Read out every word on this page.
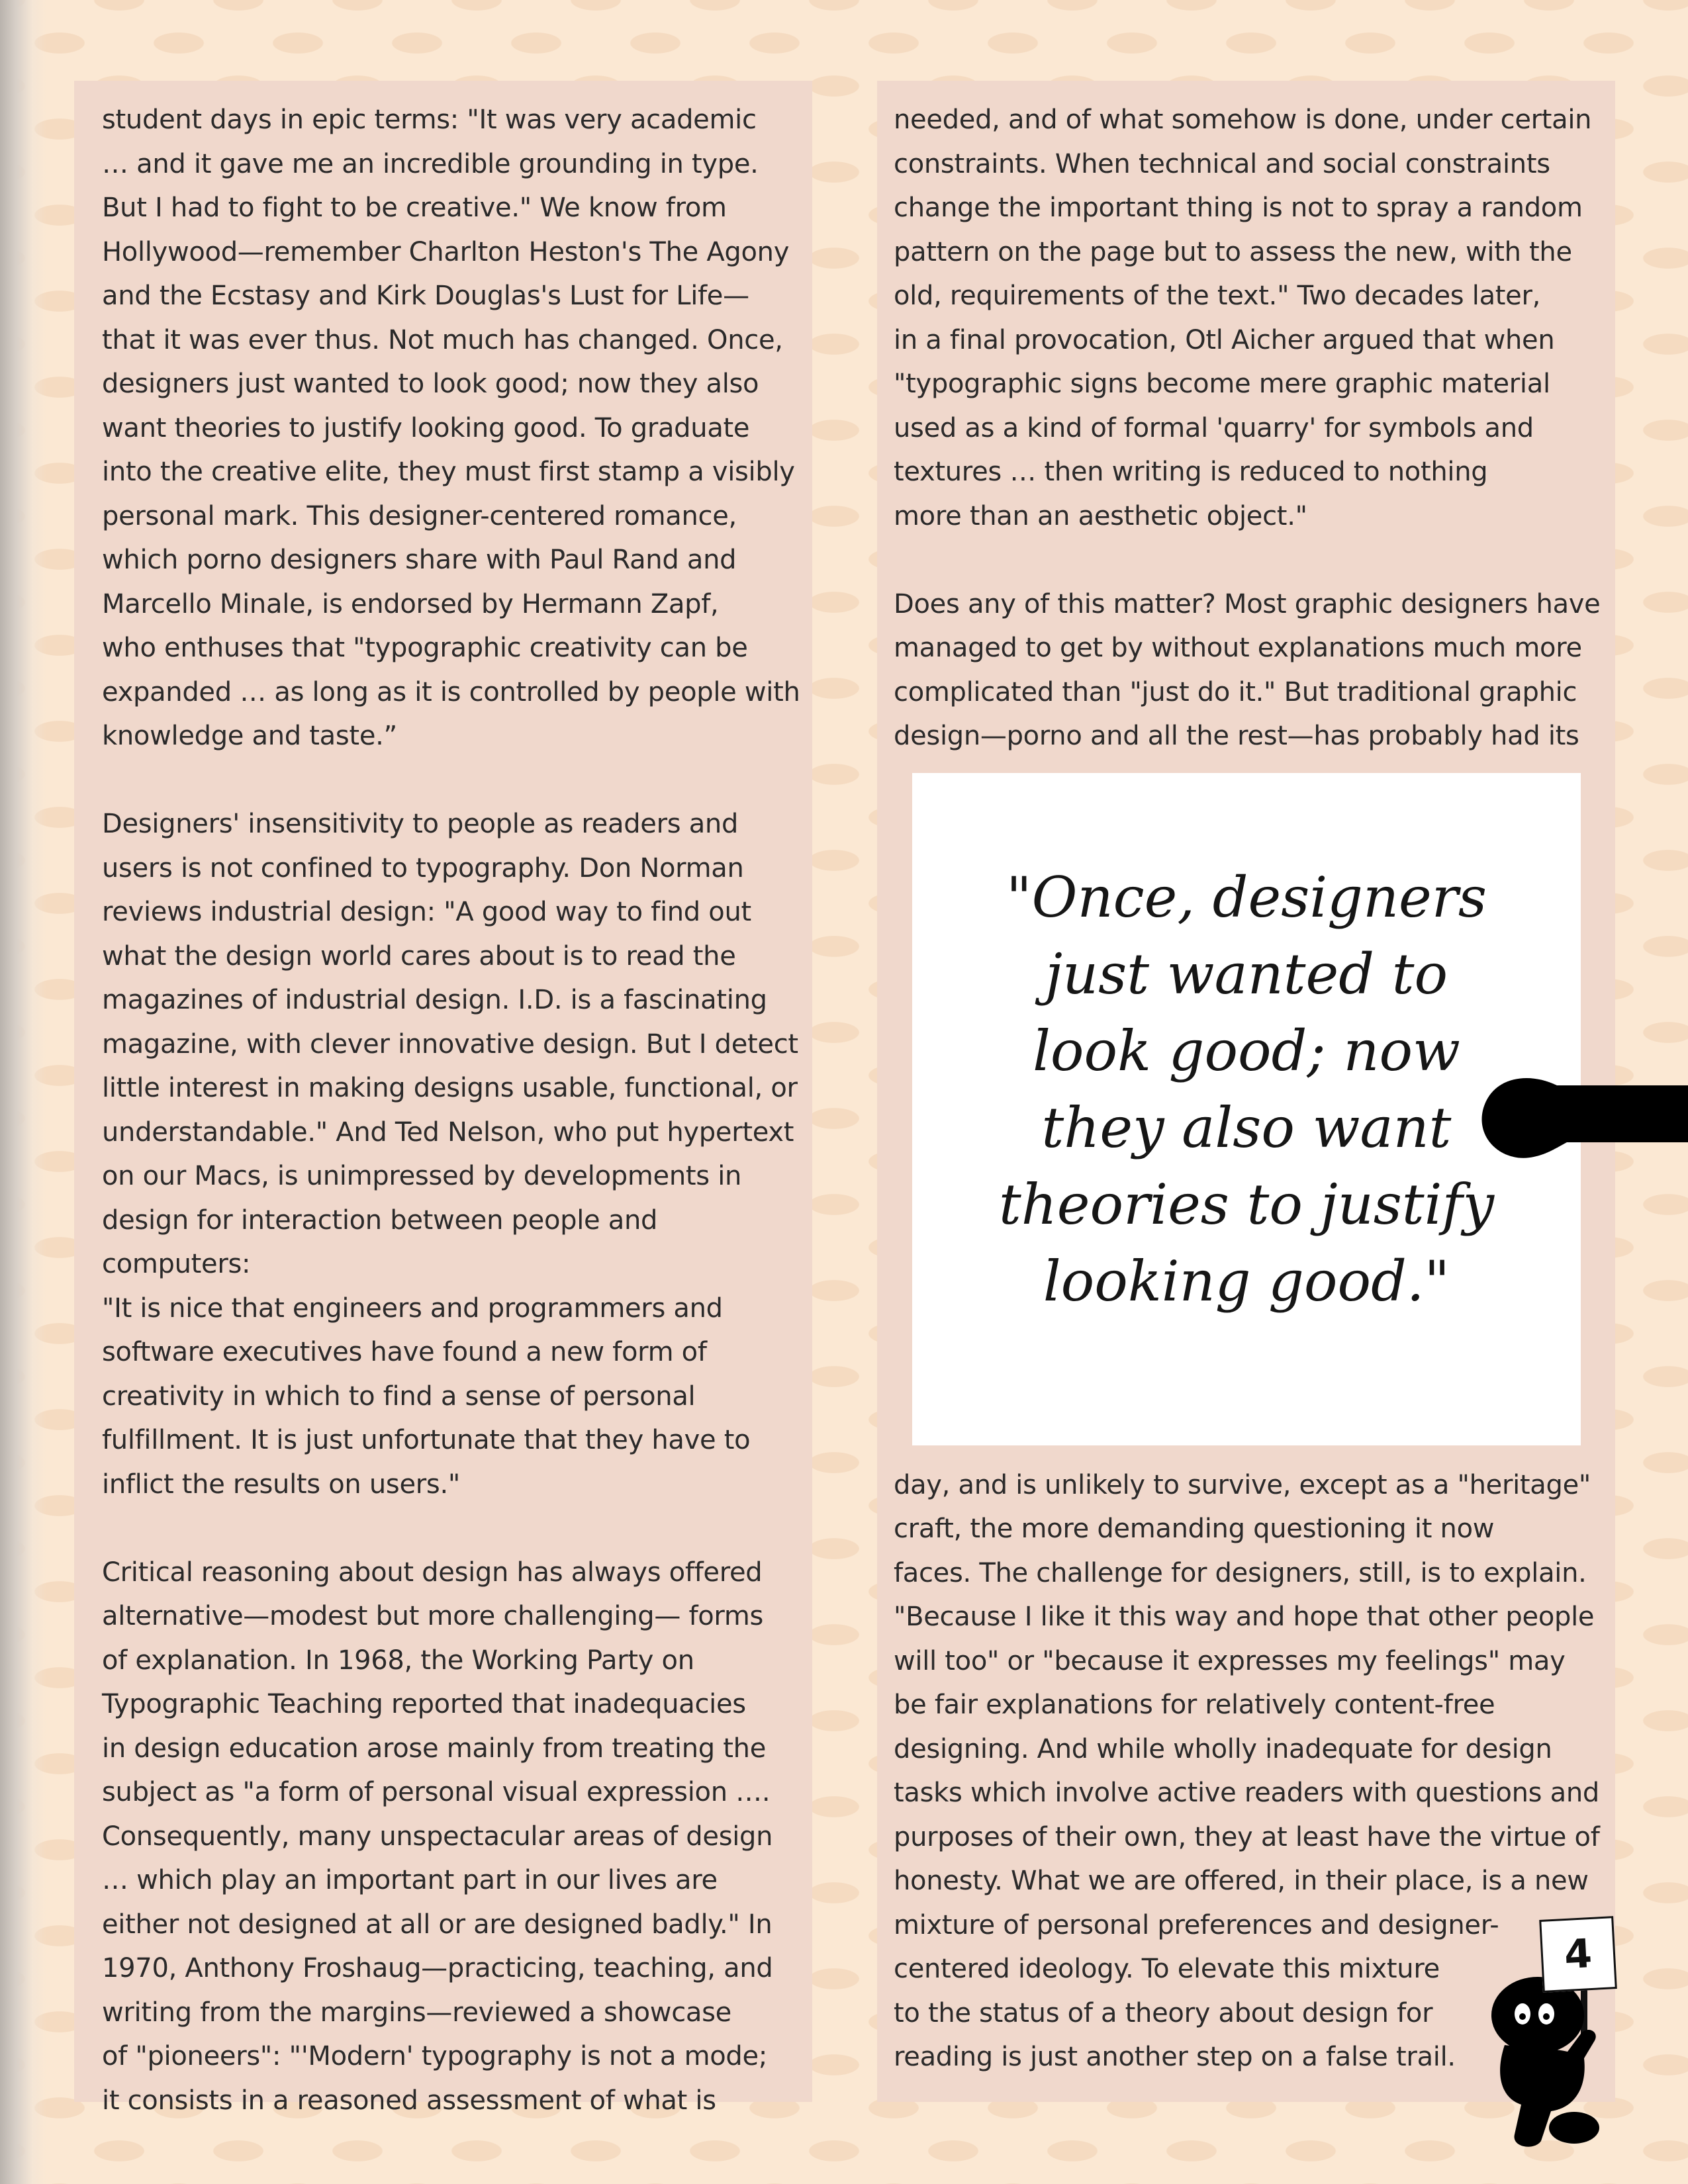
student days in epic terms: "It was very academic
… and it gave me an incredible grounding in type.
But I had to fight to be creative." We know from
Hollywood—remember Charlton Heston's The Agony
and the Ecstasy and Kirk Douglas's Lust for Life—
that it was ever thus. Not much has changed. Once,
designers just wanted to look good; now they also
want theories to justify looking good. To graduate
into the creative elite, they must first stamp a visibly
personal mark. This designer-centered romance,
which porno designers share with Paul Rand and
Marcello Minale, is endorsed by Hermann Zapf,
who enthuses that "typographic creativity can be
expanded … as long as it is controlled by people with
knowledge and taste.”

Designers' insensitivity to people as readers and
users is not confined to typography. Don Norman
reviews industrial design: "A good way to find out
what the design world cares about is to read the
magazines of industrial design. I.D. is a fascinating
magazine, with clever innovative design. But I detect
little interest in making designs usable, functional, or
understandable." And Ted Nelson, who put hypertext
on our Macs, is unimpressed by developments in
design for interaction between people and computers:
"It is nice that engineers and programmers and
software executives have found a new form of
creativity in which to find a sense of personal
fulfillment. It is just unfortunate that they have to
inflict the results on users."

Critical reasoning about design has always offered
alternative—modest but more challenging— forms
of explanation. In 1968, the Working Party on
Typographic Teaching reported that inadequacies
in design education arose mainly from treating the
subject as "a form of personal visual expression ….
Consequently, many unspectacular areas of design
… which play an important part in our lives are
either not designed at all or are designed badly." In
1970, Anthony Froshaug—practicing, teaching, and
writing from the margins—reviewed a showcase
of "pioneers": "'Modern' typography is not a mode;
it consists in a reasoned assessment of what is

needed, and of what somehow is done, under certain
constraints. When technical and social constraints
change the important thing is not to spray a random
pattern on the page but to assess the new, with the
old, requirements of the text." Two decades later,
in a final provocation, Otl Aicher argued that when
"typographic signs become mere graphic material
used as a kind of formal 'quarry' for symbols and
textures … then writing is reduced to nothing
more than an aesthetic object."

Does any of this matter? Most graphic designers have
managed to get by without explanations much more
complicated than "just do it." But traditional graphic
design—porno and all the rest—has probably had its

day, and is unlikely to survive, except as a "heritage"
craft, the more demanding questioning it now
faces. The challenge for designers, still, is to explain.
"Because I like it this way and hope that other people
will too" or "because it expresses my feelings" may
be fair explanations for relatively content-free
designing. And while wholly inadequate for design
tasks which involve active readers with questions and
purposes of their own, they at least have the virtue of
honesty. What we are offered, in their place, is a new
mixture of personal preferences and designer-
centered ideology. To elevate this mixture
to the status of a theory about design for
reading is just another step on a false trail.

"Once, designers
just wanted to
look good; now
they also want
theories to justify
looking good."
4
